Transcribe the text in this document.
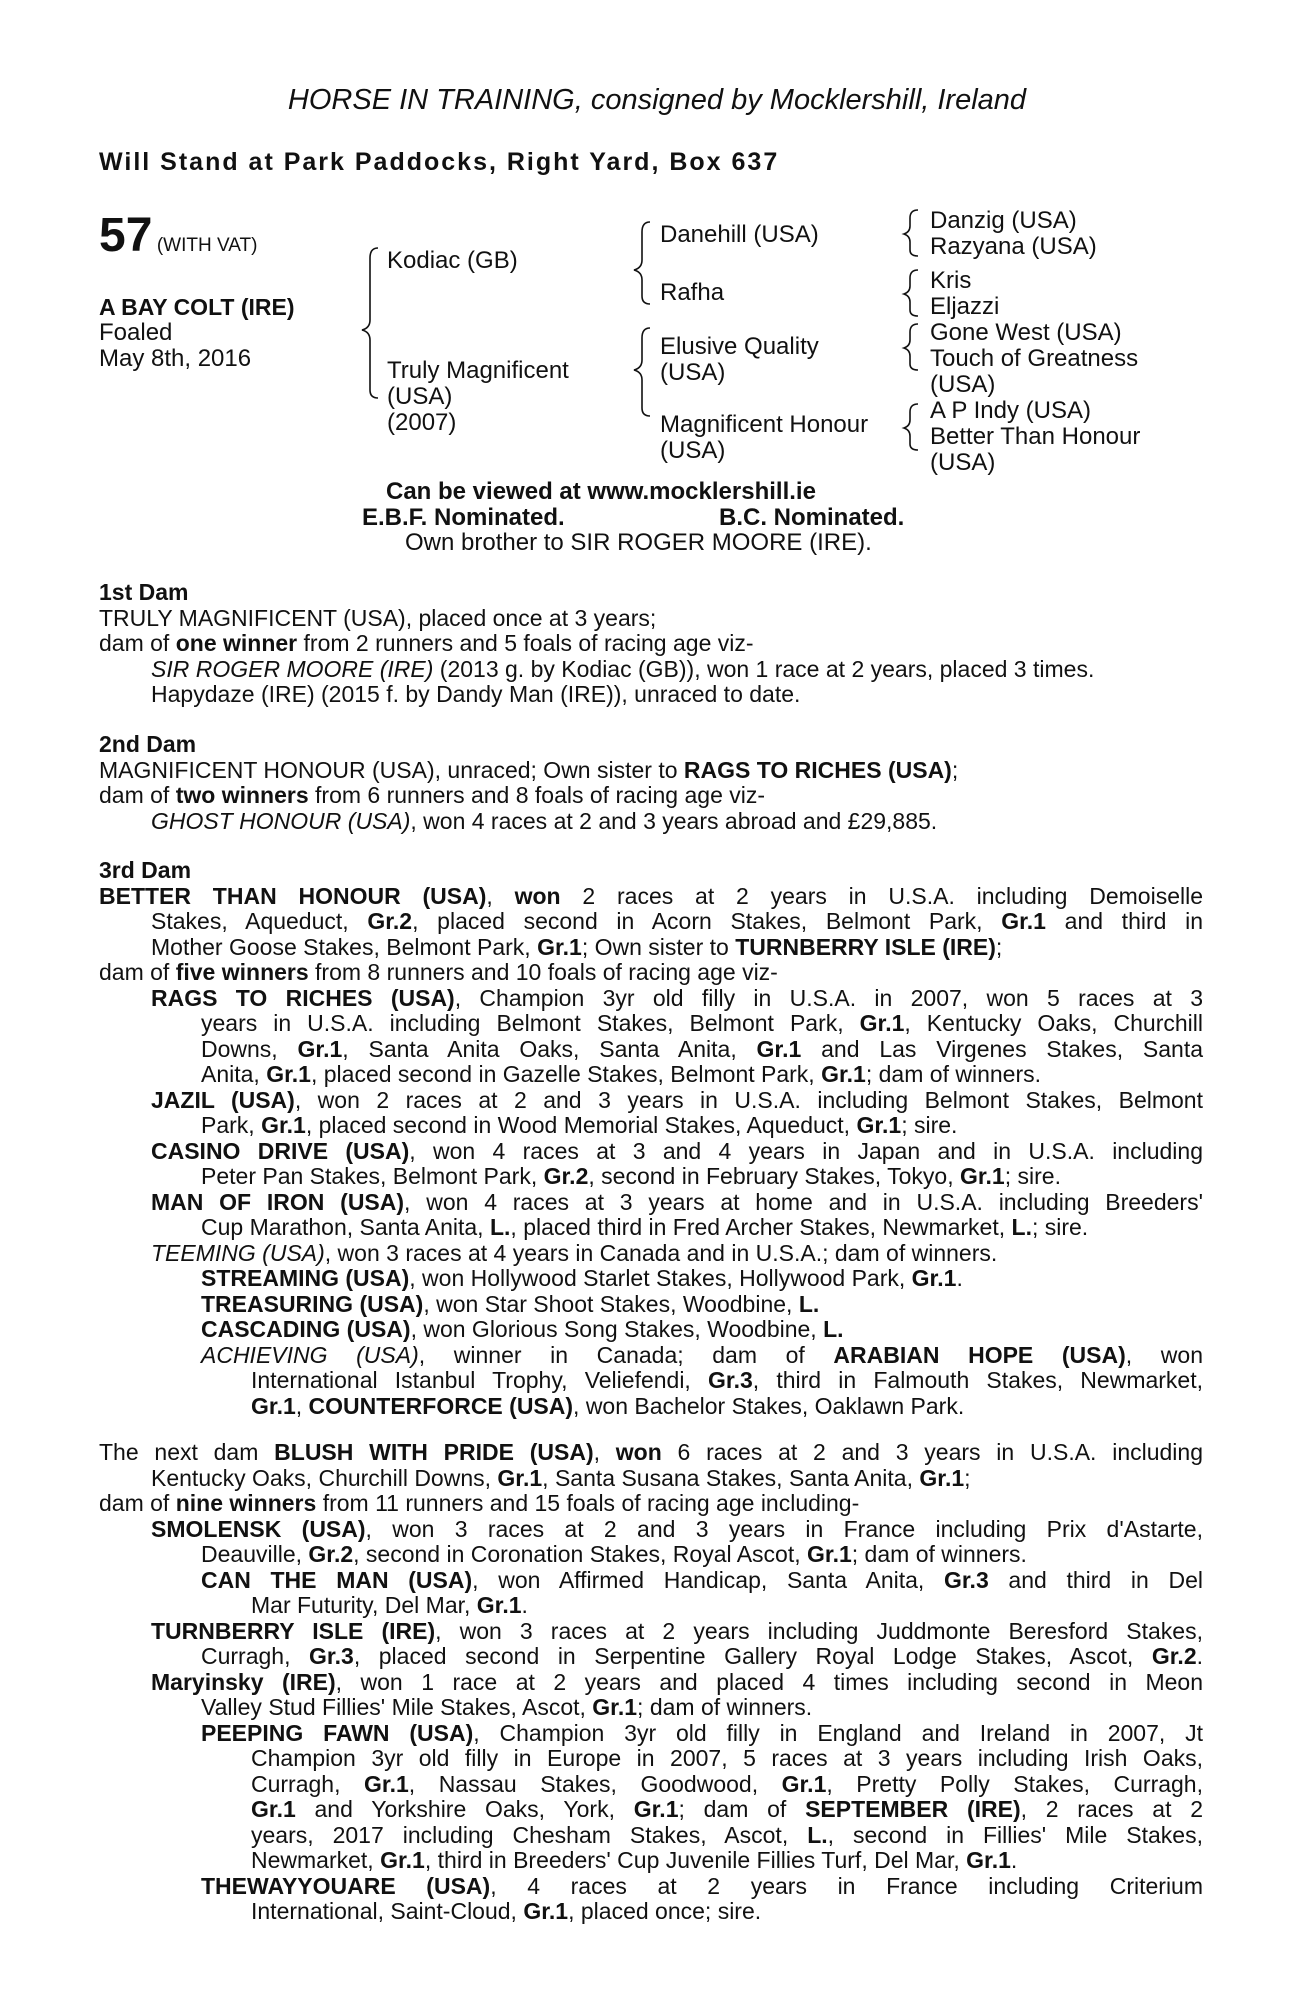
HORSE IN TRAINING, consigned by Mocklershill, Ireland
Will Stand at Park Paddocks, Right Yard, Box 637
57 (WITH VAT)
A BAY COLT (IRE)
Foaled
May 8th, 2016
Kodiac (GB)
Truly Magnificent
(USA)
(2007)
Danehill (USA)
Rafha
Elusive Quality
(USA)
Magnificent Honour
(USA)
Danzig (USA)
Razyana (USA)
Kris
Eljazzi
Gone West (USA)
Touch of Greatness
(USA)
A P Indy (USA)
Better Than Honour
(USA)
Can be viewed at www.mocklershill.ie
E.B.F. Nominated.	B.C. Nominated.
Own brother to SIR ROGER MOORE (IRE).
1st Dam
TRULY MAGNIFICENT (USA), placed once at 3 years;
dam of one winner from 2 runners and 5 foals of racing age viz-
SIR ROGER MOORE (IRE) (2013 g. by Kodiac (GB)), won 1 race at 2 years, placed 3 times.
Hapydaze (IRE) (2015 f. by Dandy Man (IRE)), unraced to date.
2nd Dam
MAGNIFICENT HONOUR (USA), unraced; Own sister to RAGS TO RICHES (USA);
dam of two winners from 6 runners and 8 foals of racing age viz-
GHOST HONOUR (USA), won 4 races at 2 and 3 years abroad and £29,885.
3rd Dam
BETTER THAN HONOUR (USA), won 2 races at 2 years in U.S.A. including Demoiselle
Stakes, Aqueduct, Gr.2, placed second in Acorn Stakes, Belmont Park, Gr.1 and third in
Mother Goose Stakes, Belmont Park, Gr.1; Own sister to TURNBERRY ISLE (IRE);
dam of five winners from 8 runners and 10 foals of racing age viz-
RAGS TO RICHES (USA), Champion 3yr old filly in U.S.A. in 2007, won 5 races at 3
years in U.S.A. including Belmont Stakes, Belmont Park, Gr.1, Kentucky Oaks, Churchill
Downs, Gr.1, Santa Anita Oaks, Santa Anita, Gr.1 and Las Virgenes Stakes, Santa
Anita, Gr.1, placed second in Gazelle Stakes, Belmont Park, Gr.1; dam of winners.
JAZIL (USA), won 2 races at 2 and 3 years in U.S.A. including Belmont Stakes, Belmont
Park, Gr.1, placed second in Wood Memorial Stakes, Aqueduct, Gr.1; sire.
CASINO DRIVE (USA), won 4 races at 3 and 4 years in Japan and in U.S.A. including
Peter Pan Stakes, Belmont Park, Gr.2, second in February Stakes, Tokyo, Gr.1; sire.
MAN OF IRON (USA), won 4 races at 3 years at home and in U.S.A. including Breeders'
Cup Marathon, Santa Anita, L., placed third in Fred Archer Stakes, Newmarket, L.; sire.
TEEMING (USA), won 3 races at 4 years in Canada and in U.S.A.; dam of winners.
STREAMING (USA), won Hollywood Starlet Stakes, Hollywood Park, Gr.1.
TREASURING (USA), won Star Shoot Stakes, Woodbine, L.
CASCADING (USA), won Glorious Song Stakes, Woodbine, L.
ACHIEVING (USA), winner in Canada; dam of ARABIAN HOPE (USA), won
International Istanbul Trophy, Veliefendi, Gr.3, third in Falmouth Stakes, Newmarket,
Gr.1, COUNTERFORCE (USA), won Bachelor Stakes, Oaklawn Park.
The next dam BLUSH WITH PRIDE (USA), won 6 races at 2 and 3 years in U.S.A. including
Kentucky Oaks, Churchill Downs, Gr.1, Santa Susana Stakes, Santa Anita, Gr.1;
dam of nine winners from 11 runners and 15 foals of racing age including-
SMOLENSK (USA), won 3 races at 2 and 3 years in France including Prix d'Astarte,
Deauville, Gr.2, second in Coronation Stakes, Royal Ascot, Gr.1; dam of winners.
CAN THE MAN (USA), won Affirmed Handicap, Santa Anita, Gr.3 and third in Del
Mar Futurity, Del Mar, Gr.1.
TURNBERRY ISLE (IRE), won 3 races at 2 years including Juddmonte Beresford Stakes,
Curragh, Gr.3, placed second in Serpentine Gallery Royal Lodge Stakes, Ascot, Gr.2.
Maryinsky (IRE), won 1 race at 2 years and placed 4 times including second in Meon
Valley Stud Fillies' Mile Stakes, Ascot, Gr.1; dam of winners.
PEEPING FAWN (USA), Champion 3yr old filly in England and Ireland in 2007, Jt
Champion 3yr old filly in Europe in 2007, 5 races at 3 years including Irish Oaks,
Curragh, Gr.1, Nassau Stakes, Goodwood, Gr.1, Pretty Polly Stakes, Curragh,
Gr.1 and Yorkshire Oaks, York, Gr.1; dam of SEPTEMBER (IRE), 2 races at 2
years, 2017 including Chesham Stakes, Ascot, L., second in Fillies' Mile Stakes,
Newmarket, Gr.1, third in Breeders' Cup Juvenile Fillies Turf, Del Mar, Gr.1.
THEWAYYOUARE (USA), 4 races at 2 years in France including Criterium
International, Saint-Cloud, Gr.1, placed once; sire.
